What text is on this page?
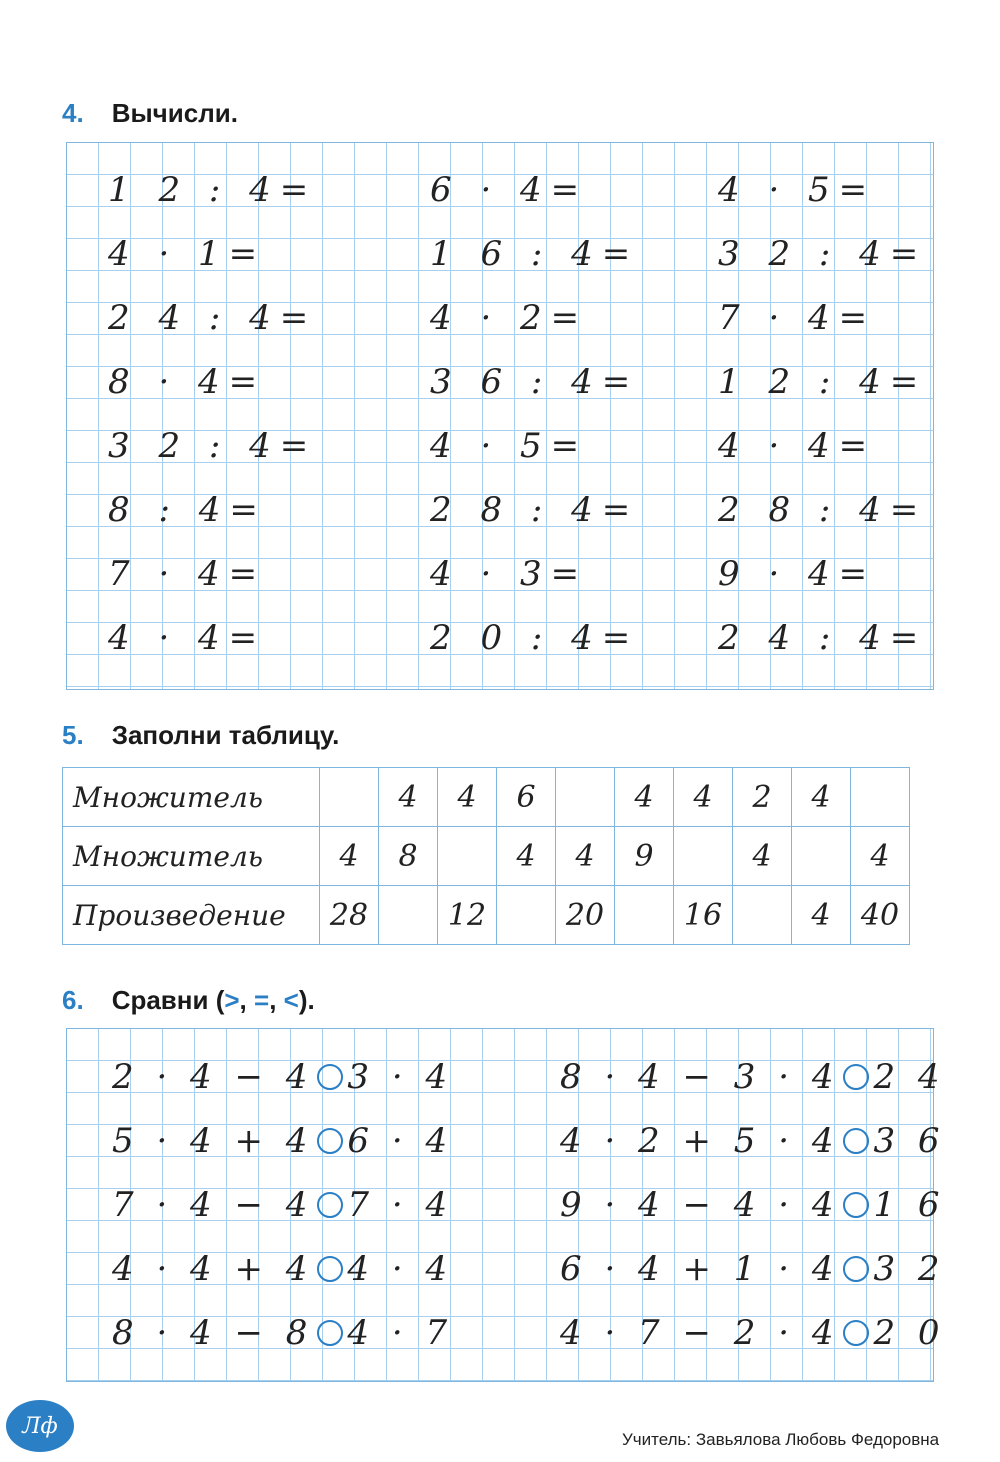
4. Вычисли.
1 2 : 4=
4 · 1=
2 4 : 4=
8 · 4=
3 2 : 4=
8 : 4=
7 · 4=
4 · 4=
6 · 4=
1 6 : 4=
4 · 2=
3 6 : 4=
4 · 5=
2 8 : 4=
4 · 3=
2 0 : 4=
4 · 5=
3 2 : 4=
7 · 4=
1 2 : 4=
4 · 4=
2 8 : 4=
9 · 4=
2 4 : 4=
5. Заполни таблицу.
Множитель		4	4	6		4	4	2	4	
Множитель	4	8		4	4	9		4		4
Произведение	28		12		20		16		4	40
6. Сравни (>, =, <).
2 · 4 − 4 3 · 4
5 · 4 + 4 6 · 4
7 · 4 − 4 7 · 4
4 · 4 + 4 4 · 4
8 · 4 − 8 4 · 7
8 · 4 − 3 · 4 2 4
4 · 2 + 5 · 4 3 6
9 · 4 − 4 · 4 1 6
6 · 4 + 1 · 4 3 2
4 · 7 − 2 · 4 2 0
Лф
Учитель: Завьялова Любовь Федоровна
